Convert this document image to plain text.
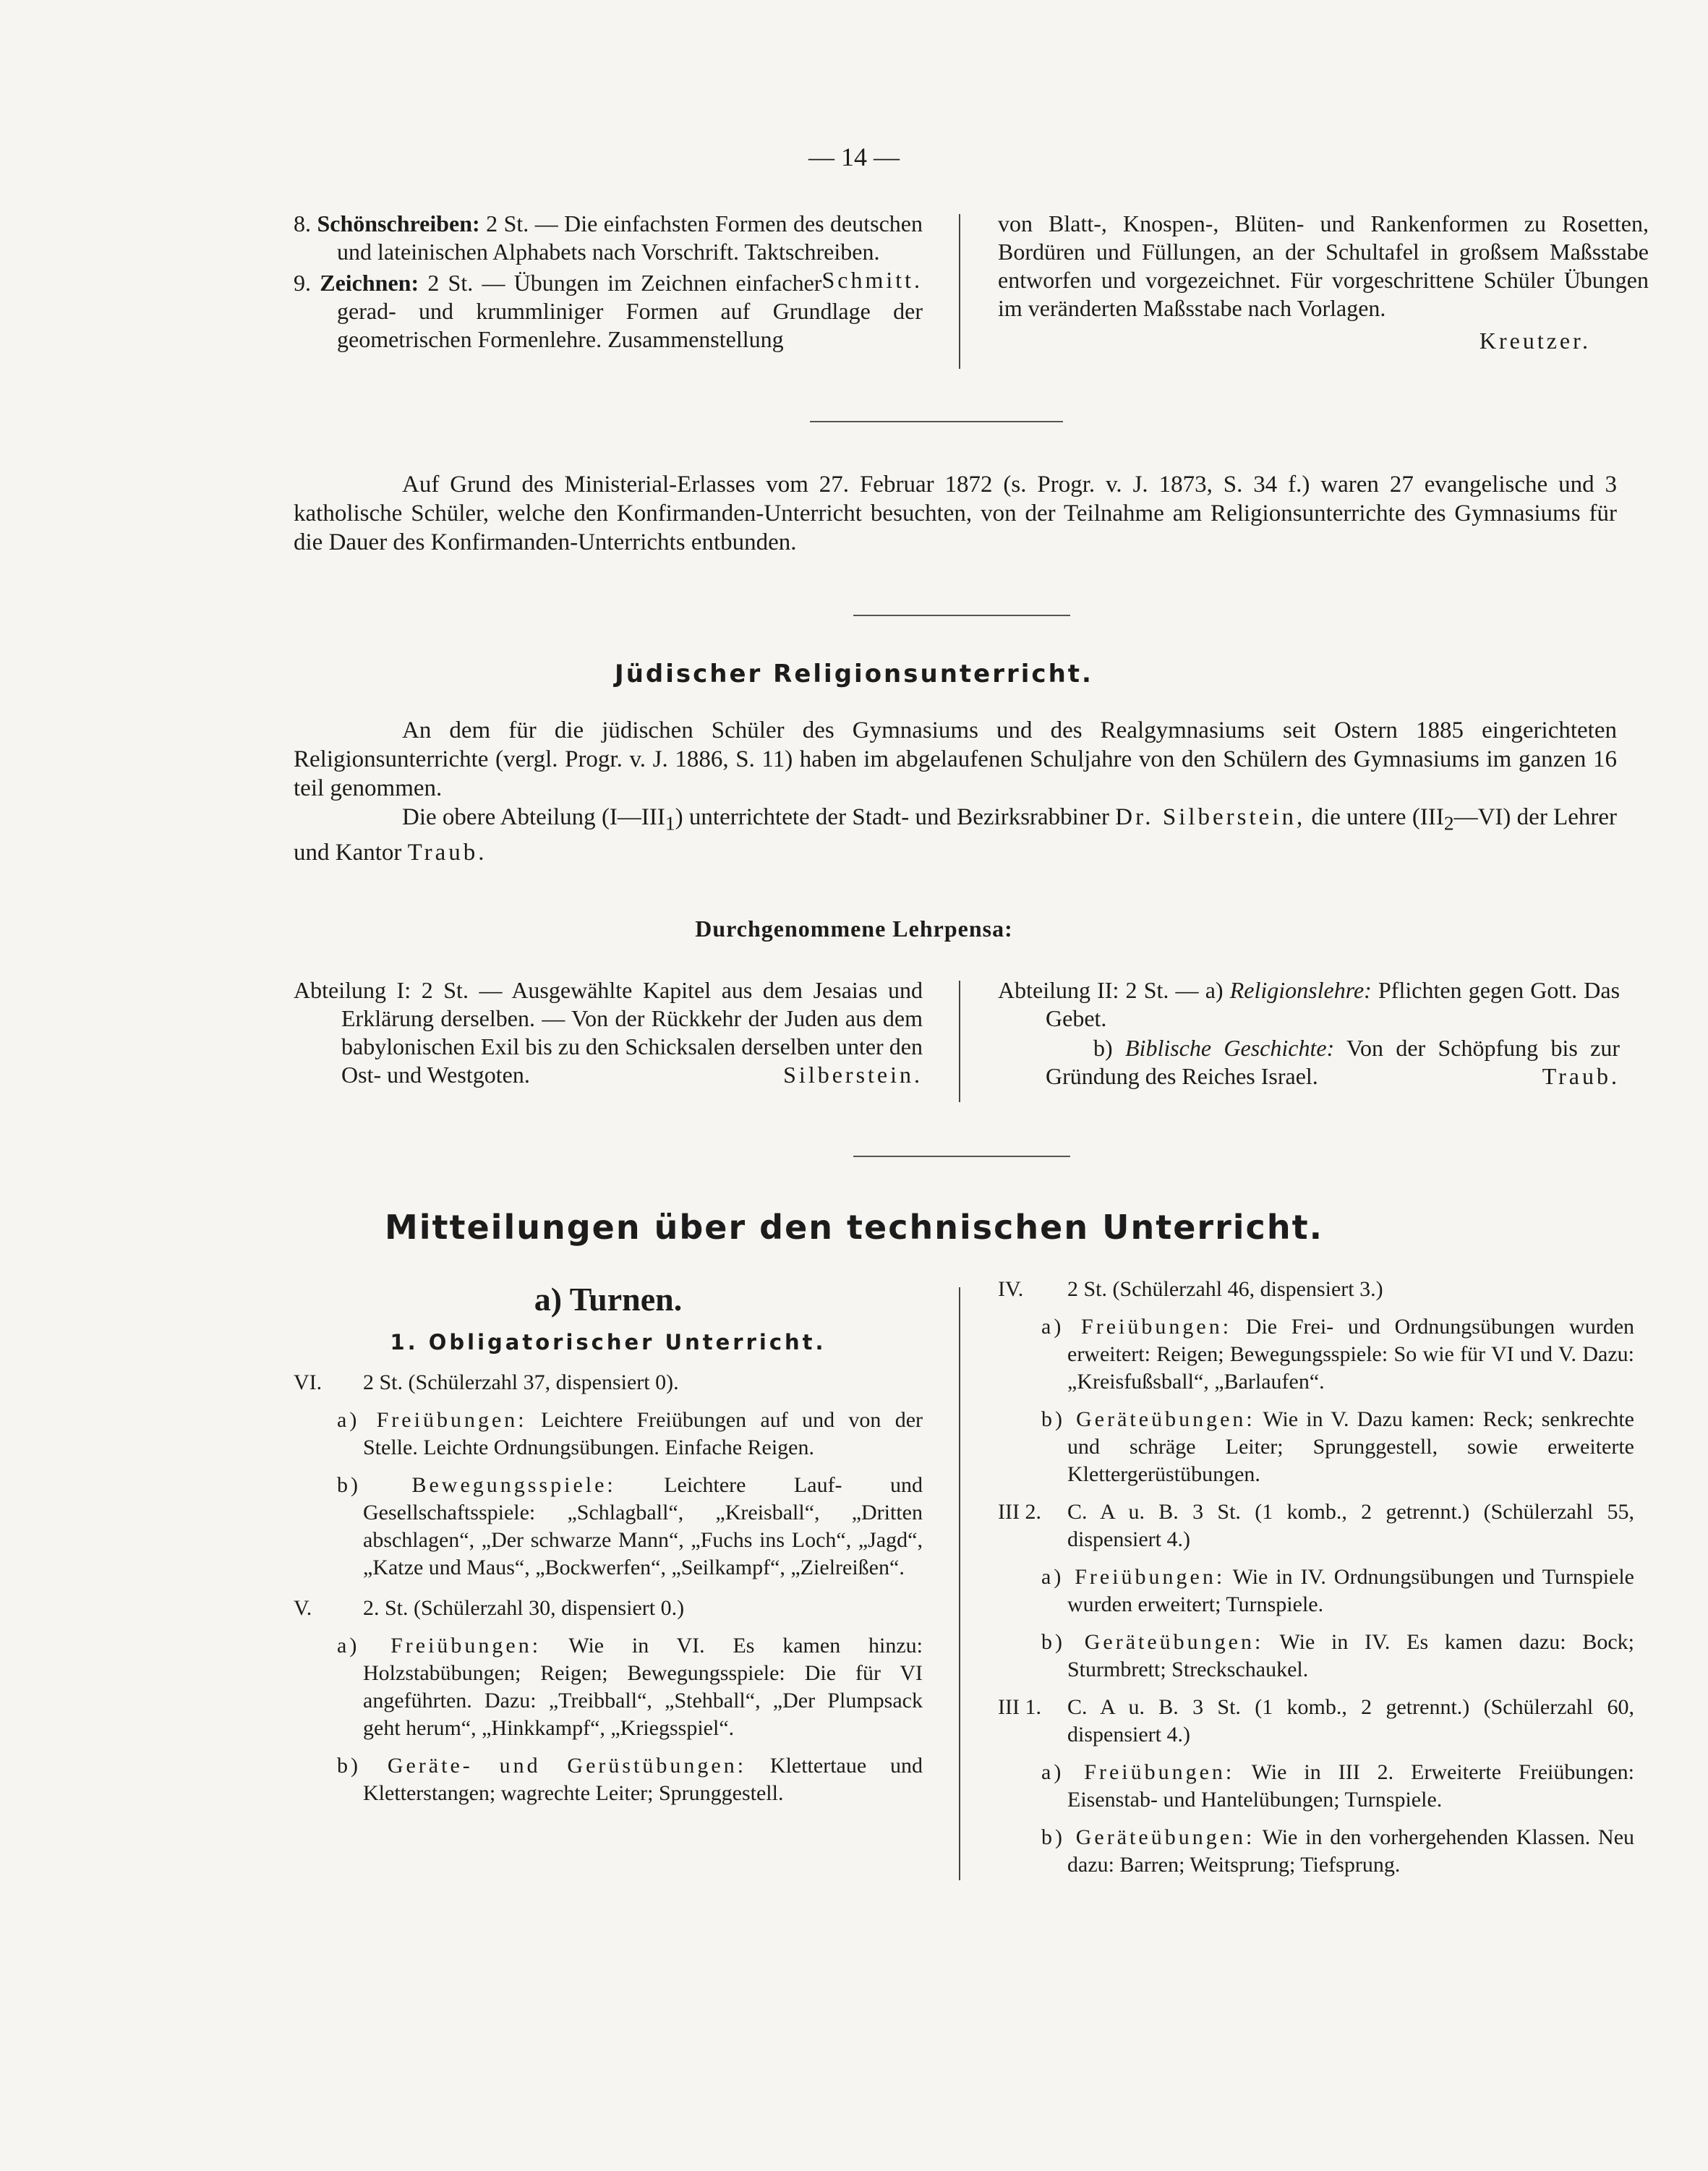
— 14 —
8. Schönschreiben: 2 St. — Die einfachsten Formen des deutschen und lateinischen Alphabets nach Vorschrift. Taktschreiben.
Schmitt.
9. Zeichnen: 2 St. — Übungen im Zeichnen einfacher gerad- und krummliniger Formen auf Grundlage der geometrischen Formenlehre. Zusammenstellung
von Blatt-, Knospen-, Blüten- und Rankenformen zu Rosetten, Bordüren und Füllungen, an der Schultafel in großsem Maßsstabe entworfen und vorgezeichnet. Für vorgeschrittene Schüler Übungen im veränderten Maßsstabe nach Vorlagen.
Kreutzer.
Auf Grund des Ministerial-Erlasses vom 27. Februar 1872 (s. Progr. v. J. 1873, S. 34 f.) waren 27 evangelische und 3 katholische Schüler, welche den Konfirmanden-Unterricht besuchten, von der Teilnahme am Religionsunterrichte des Gymnasiums für die Dauer des Konfirmanden-Unterrichts entbunden.
Jüdischer Religionsunterricht.
An dem für die jüdischen Schüler des Gymnasiums und des Realgymnasiums seit Ostern 1885 eingerichteten Religionsunterrichte (vergl. Progr. v. J. 1886, S. 11) haben im abgelaufenen Schuljahre von den Schülern des Gymnasiums im ganzen 16 teil genommen.
Die obere Abteilung $(I—III_1)$ unterrichtete der Stadt- und Bezirksrabbiner Dr. Silberstein, die untere $(III_2—VI)$ der Lehrer und Kantor Traub.
Durchgenommene Lehrpensa:
Abteilung I: 2 St. — Ausgewählte Kapitel aus dem Jesaias und Erklärung derselben. — Von der Rückkehr der Juden aus dem babylonischen Exil bis zu den Schicksalen derselben unter den Ost- und Westgoten.	Silberstein.
Abteilung II: 2 St. — a) Religionslehre: Pflichten gegen Gott. Das Gebet.
b) Biblische Geschichte: Von der Schöpfung bis zur Gründung des Reiches Israel.	Traub.
Mitteilungen über den technischen Unterricht.
a) Turnen.
1. Obligatorischer Unterricht.
VI. 2 St. (Schülerzahl 37, dispensiert 0).
a) Freiübungen: Leichtere Freiübungen auf und von der Stelle. Leichte Ordnungsübungen. Einfache Reigen.
b) Bewegungsspiele: Leichtere Lauf- und Gesellschaftsspiele: „Schlagball“, „Kreisball“, „Dritten abschlagen“, „Der schwarze Mann“, „Fuchs ins Loch“, „Jagd“, „Katze und Maus“, „Bockwerfen“, „Seilkampf“, „Zielreißen“.
V. 2. St. (Schülerzahl 30, dispensiert 0.)
a) Freiübungen: Wie in VI. Es kamen hinzu: Holzstabübungen; Reigen; Bewegungsspiele: Die für VI angeführten. Dazu: „Treibball“, „Stehball“, „Der Plumpsack geht herum“, „Hinkkampf“, „Kriegsspiel“.
b) Geräte- und Gerüstübungen: Klettertaue und Kletterstangen; wagrechte Leiter; Sprunggestell.
IV. 2 St. (Schülerzahl 46, dispensiert 3.)
a) Freiübungen: Die Frei- und Ordnungsübungen wurden erweitert: Reigen; Bewegungsspiele: So wie für VI und V. Dazu: „Kreisfußsball“, „Barlaufen“.
b) Geräteübungen: Wie in V. Dazu kamen: Reck; senkrechte und schräge Leiter; Sprunggestell, sowie erweiterte Klettergerüstübungen.
III 2. C. A u. B. 3 St. (1 komb., 2 getrennt.) (Schülerzahl 55, dispensiert 4.)
a) Freiübungen: Wie in IV. Ordnungsübungen und Turnspiele wurden erweitert; Turnspiele.
b) Geräteübungen: Wie in IV. Es kamen dazu: Bock; Sturmbrett; Streckschaukel.
III 1. C. A u. B. 3 St. (1 komb., 2 getrennt.) (Schülerzahl 60, dispensiert 4.)
a) Freiübungen: Wie in III 2. Erweiterte Freiübungen: Eisenstab- und Hantelübungen; Turnspiele.
b) Geräteübungen: Wie in den vorhergehenden Klassen. Neu dazu: Barren; Weitsprung; Tiefsprung.
